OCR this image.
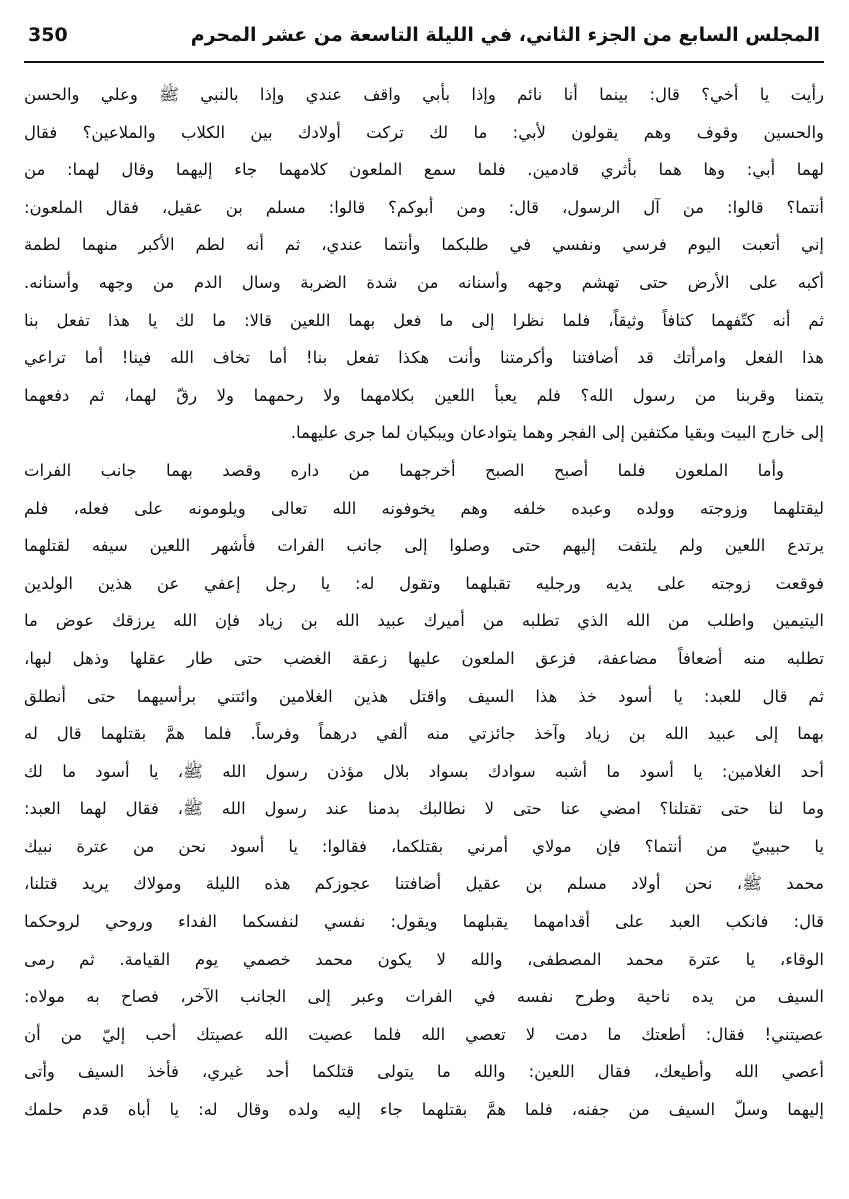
المجلس السابع من الجزء الثاني، في الليلة التاسعة من عشر المحرم
350
رأيت يا أخي؟ قال: بينما أنا نائم وإذا بأبي واقف عندي وإذا بالنبي ﷺ وعلي والحسن
والحسين وقوف وهم يقولون لأبي: ما لك تركت أولادك بين الكلاب والملاعين؟ فقال
لهما أبي: وها هما بأثري قادمين. فلما سمع الملعون كلامهما جاء إليهما وقال لهما: من
أنتما؟ قالوا: من آل الرسول، قال: ومن أبوكم؟ قالوا: مسلم بن عقيل، فقال الملعون:
إني أتعبت اليوم فرسي ونفسي في طلبكما وأنتما عندي، ثم أنه لطم الأكبر منهما لطمة
أكبه على الأرض حتى تهشم وجهه وأسنانه من شدة الضربة وسال الدم من وجهه وأسنانه.
ثم أنه كتّفهما كتافاً وثيقاً، فلما نظرا إلى ما فعل بهما اللعين قالا: ما لك يا هذا تفعل بنا
هذا الفعل وامرأتك قد أضافتنا وأكرمتنا وأنت هكذا تفعل بنا! أما تخاف الله فينا! أما تراعي
يتمنا وقربنا من رسول الله؟ فلم يعبأ اللعين بكلامهما ولا رحمهما ولا رقّ لهما، ثم دفعهما
إلى خارج البيت وبقيا مكتفين إلى الفجر وهما يتوادعان ويبكيان لما جرى عليهما.
وأما الملعون فلما أصبح الصبح أخرجهما من داره وقصد بهما جانب الفرات
ليقتلهما وزوجته وولده وعبده خلفه وهم يخوفونه الله تعالى ويلومونه على فعله، فلم
يرتدع اللعين ولم يلتفت إليهم حتى وصلوا إلى جانب الفرات فأشهر اللعين سيفه لقتلهما
فوقعت زوجته على يديه ورجليه تقبلهما وتقول له: يا رجل إعفي عن هذين الولدين
اليتيمين واطلب من الله الذي تطلبه من أميرك عبيد الله بن زياد فإن الله يرزقك عوض ما
تطلبه منه أضعافاً مضاعفة، فزعق الملعون عليها زعقة الغضب حتى طار عقلها وذهل لبها،
ثم قال للعبد: يا أسود خذ هذا السيف واقتل هذين الغلامين وائتني برأسيهما حتى أنطلق
بهما إلى عبيد الله بن زياد وآخذ جائزتي منه ألفي درهماً وفرساً. فلما همَّ بقتلهما قال له
أحد الغلامين: يا أسود ما أشبه سوادك بسواد بلال مؤذن رسول الله ﷺ، يا أسود ما لك
وما لنا حتى تقتلنا؟ امضي عنا حتى لا نطالبك بدمنا عند رسول الله ﷺ، فقال لهما العبد:
يا حبيبيّ من أنتما؟ فإن مولاي أمرني بقتلكما، فقالوا: يا أسود نحن من عترة نبيك
محمد ﷺ، نحن أولاد مسلم بن عقيل أضافتنا عجوزكم هذه الليلة ومولاك يريد قتلنا،
قال: فانكب العبد على أقدامهما يقبلهما ويقول: نفسي لنفسكما الفداء وروحي لروحكما
الوقاء، يا عترة محمد المصطفى، والله لا يكون محمد خصمي يوم القيامة. ثم رمى
السيف من يده ناحية وطرح نفسه في الفرات وعبر إلى الجانب الآخر، فصاح به مولاه:
عصيتني! فقال: أطعتك ما دمت لا تعصي الله فلما عصيت الله عصيتك أحب إليّ من أن
أعصي الله وأطيعك، فقال اللعين: والله ما يتولى قتلكما أحد غيري، فأخذ السيف وأتى
إليهما وسلّ السيف من جفنه، فلما همَّ بقتلهما جاء إليه ولده وقال له: يا أباه قدم حلمك
